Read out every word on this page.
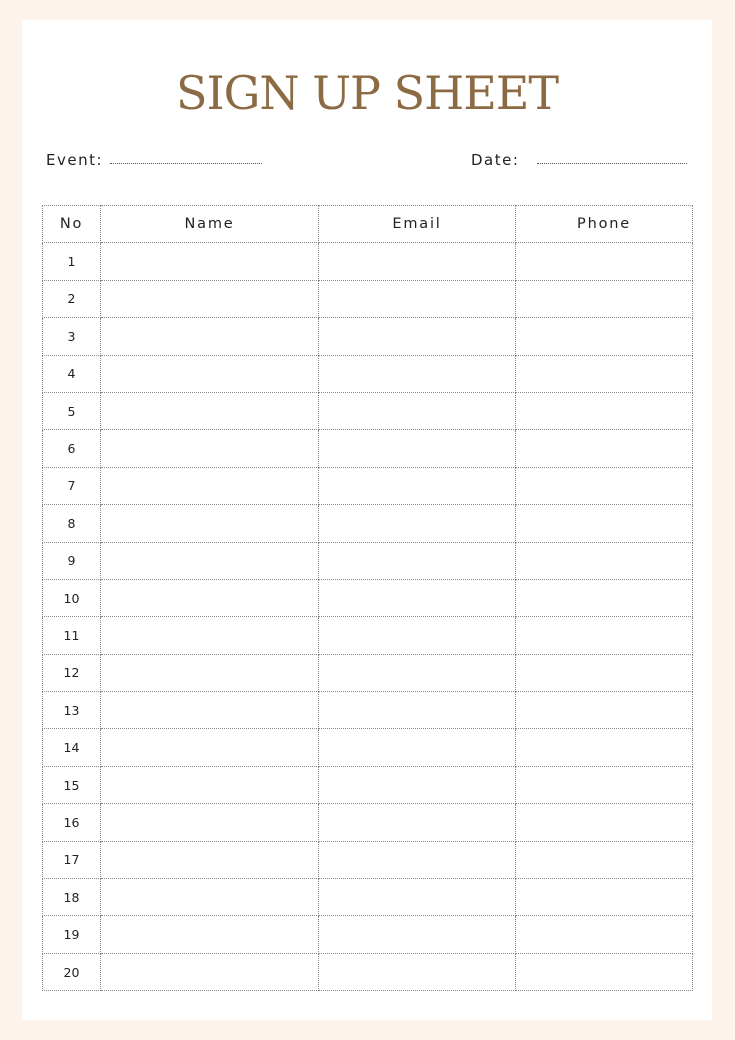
SIGN UP SHEET
Event:	Date:
No	Name	Email	Phone
1			
2			
3			
4			
5			
6			
7			
8			
9			
10			
11			
12			
13			
14			
15			
16			
17			
18			
19			
20			
